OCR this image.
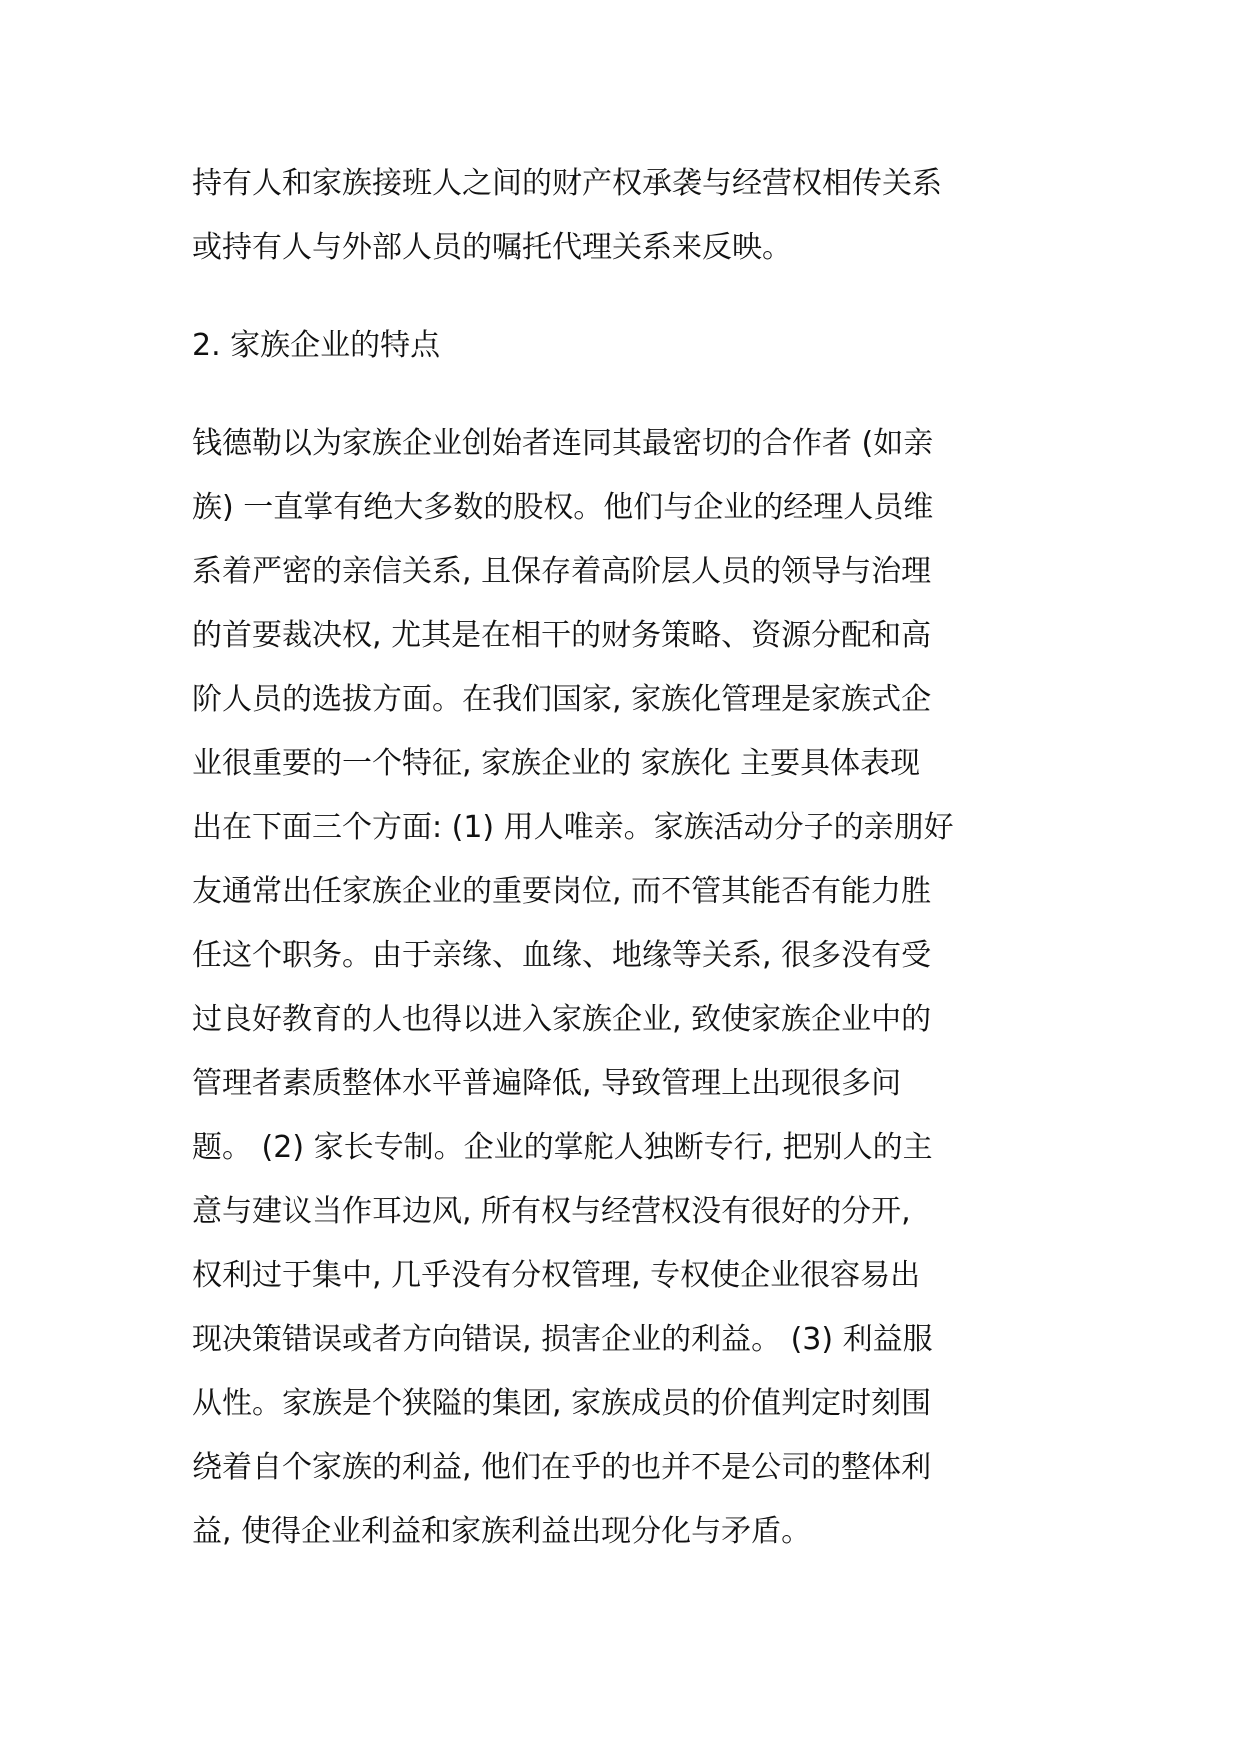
持有人和家族接班人之间的财产权承袭与经营权相传关系
或持有人与外部人员的嘱托代理关系来反映。
2. 家族企业的特点
钱德勒以为家族企业创始者连同其最密切的合作者 (如亲
族) 一直掌有绝大多数的股权。他们与企业的经理人员维
系着严密的亲信关系, 且保存着高阶层人员的领导与治理
的首要裁决权, 尤其是在相干的财务策略、资源分配和高
阶人员的选拔方面。在我们国家, 家族化管理是家族式企
业很重要的一个特征, 家族企业的 家族化 主要具体表现
出在下面三个方面: (1) 用人唯亲。家族活动分子的亲朋好
友通常出任家族企业的重要岗位, 而不管其能否有能力胜
任这个职务。由于亲缘、血缘、地缘等关系, 很多没有受
过良好教育的人也得以进入家族企业, 致使家族企业中的
管理者素质整体水平普遍降低, 导致管理上出现很多问
题。 (2) 家长专制。企业的掌舵人独断专行, 把别人的主
意与建议当作耳边风, 所有权与经营权没有很好的分开,
权利过于集中, 几乎没有分权管理, 专权使企业很容易出
现决策错误或者方向错误, 损害企业的利益。 (3) 利益服
从性。家族是个狭隘的集团, 家族成员的价值判定时刻围
绕着自个家族的利益, 他们在乎的也并不是公司的整体利
益, 使得企业利益和家族利益出现分化与矛盾。
